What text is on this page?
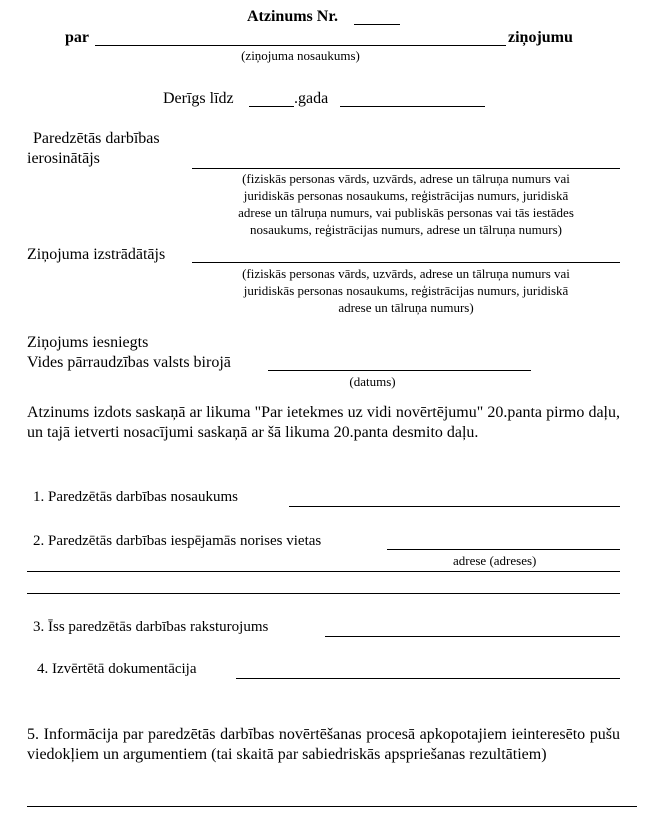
Atzinums Nr.
par	ziņojumu
(ziņojuma nosaukums)
Derīgs līdz	.gada
Paredzētās darbības
ierosinātājs
(fiziskās personas vārds, uzvārds, adrese un tālruņa numurs vai
juridiskās personas nosaukums, reģistrācijas numurs, juridiskā
adrese un tālruņa numurs, vai publiskās personas vai tās iestādes
nosaukums, reģistrācijas numurs, adrese un tālruņa numurs)
Ziņojuma izstrādātājs
(fiziskās personas vārds, uzvārds, adrese un tālruņa numurs vai
juridiskās personas nosaukums, reģistrācijas numurs, juridiskā
adrese un tālruņa numurs)
Ziņojums iesniegts
Vides pārraudzības valsts birojā
(datums)
Atzinums izdots saskaņā ar likuma "Par ietekmes uz vidi novērtējumu" 20.panta pirmo daļu, un tajā ietverti nosacījumi saskaņā ar šā likuma 20.panta desmito daļu.
1. Paredzētās darbības nosaukums
2. Paredzētās darbības iespējamās norises vietas
adrese (adreses)
3. Īss paredzētās darbības raksturojums
4. Izvērtētā dokumentācija
5. Informācija par paredzētās darbības novērtēšanas procesā apkopotajiem ieinteresēto pušu viedokļiem un argumentiem (tai skaitā par sabiedriskās apspriešanas rezultātiem)
